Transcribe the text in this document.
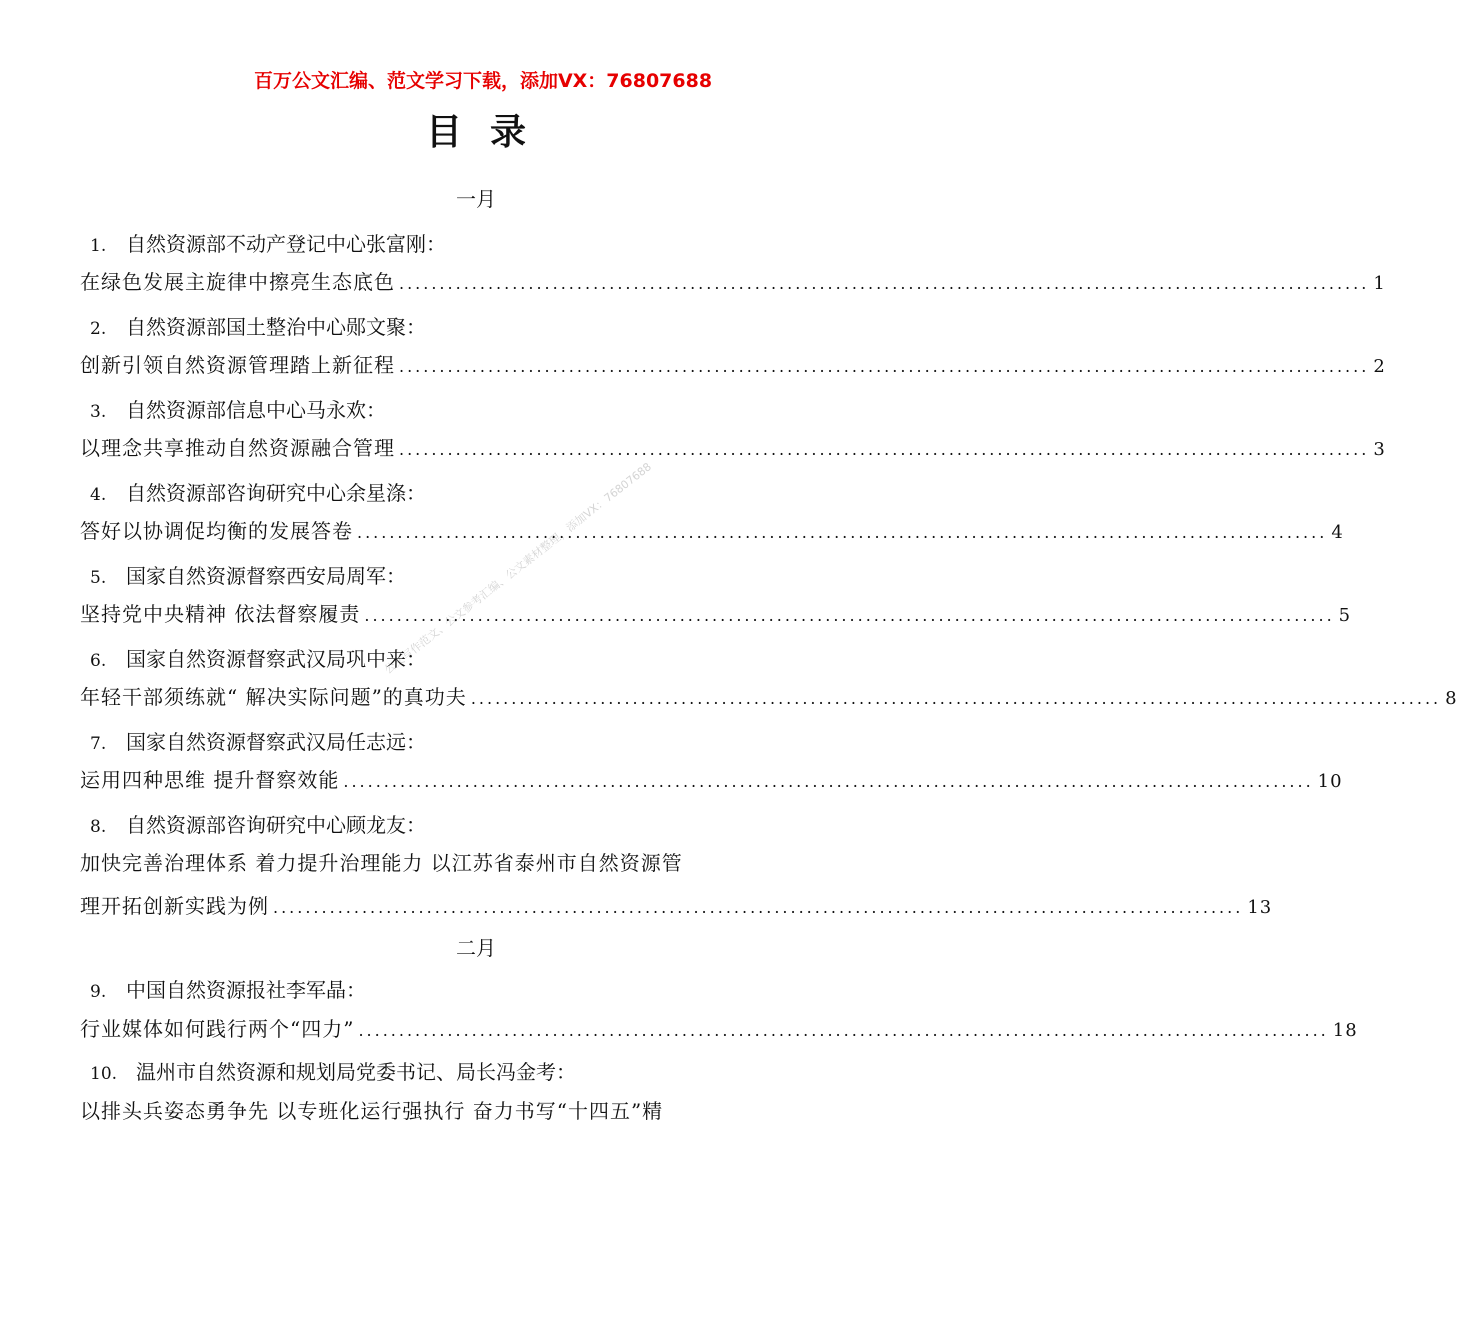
百万公文汇编、范文学习下载，添加VX：76807688
目录
公文写作范文、公文参考汇编、公文素材整理，添加VX：76807688
一月
1. 自然资源部不动产登记中心张富刚：
在绿色发展主旋律中擦亮生态底色 ........................................................................................................................ 1
2. 自然资源部国土整治中心郧文聚：
创新引领自然资源管理踏上新征程 ........................................................................................................................ 2
3. 自然资源部信息中心马永欢：
以理念共享推动自然资源融合管理 ........................................................................................................................ 3
4. 自然资源部咨询研究中心余星涤：
答好以协调促均衡的发展答卷 ........................................................................................................................ 4
5. 国家自然资源督察西安局周军：
坚持党中央精神 依法督察履责 ........................................................................................................................ 5
6. 国家自然资源督察武汉局巩中来：
年轻干部须练就“ 解决实际问题”的真功夫 ........................................................................................................................ 8
7. 国家自然资源督察武汉局任志远：
运用四种思维 提升督察效能 ........................................................................................................................ 10
8. 自然资源部咨询研究中心顾龙友：
加快完善治理体系 着力提升治理能力 以江苏省泰州市自然资源管
理开拓创新实践为例 ........................................................................................................................ 13
二月
9. 中国自然资源报社李军晶：
行业媒体如何践行两个“四力” ........................................................................................................................ 18
10. 温州市自然资源和规划局党委书记、局长冯金考：
以排头兵姿态勇争先 以专班化运行强执行 奋力书写“十四五”精
